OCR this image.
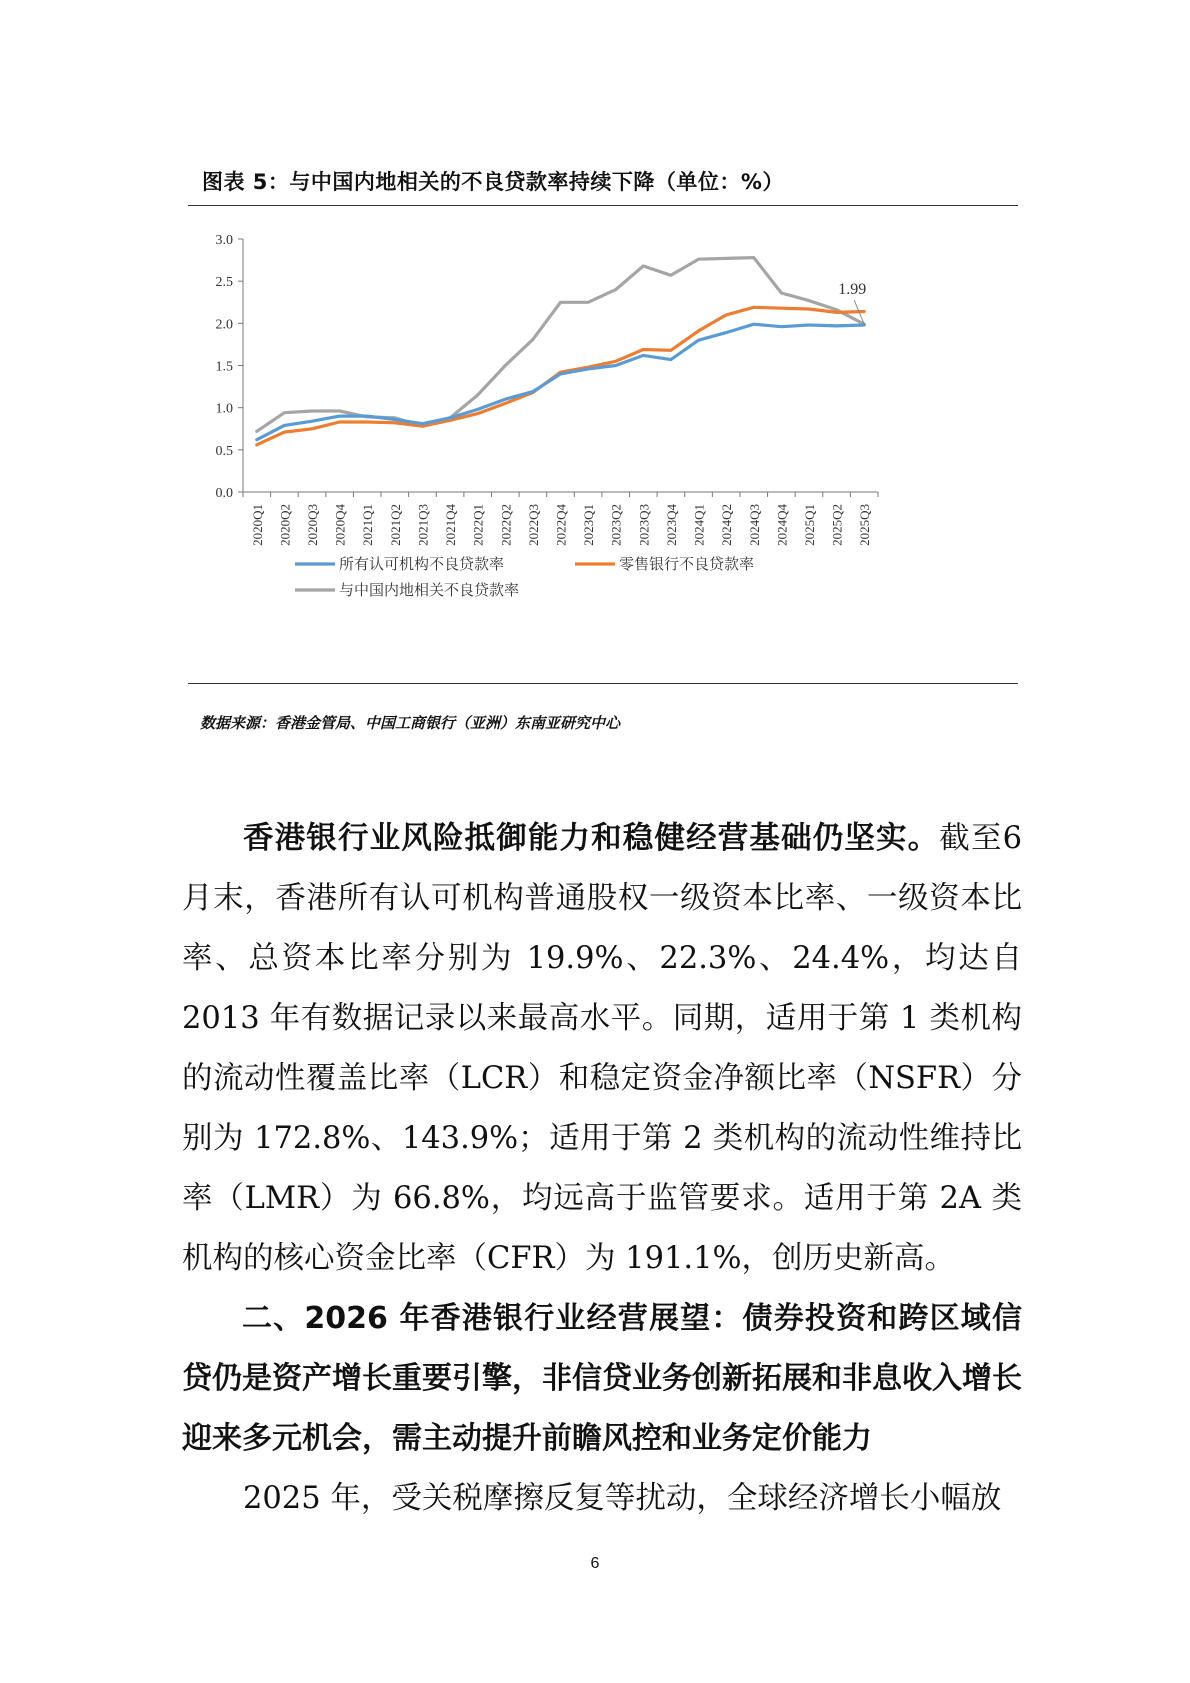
图表 5：与中国内地相关的不良贷款率持续下降（单位：%）
0.0
0.5
1.0
1.5
2.0
2.5
3.0
2020Q1 2020Q2 2020Q3 2020Q4 2021Q1 2021Q2 2021Q3 2021Q4 2022Q1 2022Q2 2022Q3 2022Q4 2023Q1 2023Q2 2023Q3 2023Q4 2024Q1 2024Q2 2024Q3 2024Q4 2025Q1 2025Q2 2025Q3
1.99
所有认可机构不良贷款率	零售银行不良贷款率
与中国内地相关不良贷款率
数据来源：香港金管局、中国工商银行（亚洲）东南亚研究中心

香港银行业风险抵御能力和稳健经营基础仍坚实。截至6月末，香港所有认可机构普通股权一级资本比率、一级资本比率、总资本比率分别为 19.9%、22.3%、24.4%，均达自 2013 年有数据记录以来最高水平。同期，适用于第 1 类机构的流动性覆盖比率（LCR）和稳定资金净额比率（NSFR）分别为 172.8%、143.9%；适用于第 2 类机构的流动性维持比率（LMR）为 66.8%，均远高于监管要求。适用于第 2A 类机构的核心资金比率（CFR）为 191.1%，创历史新高。

二、2026 年香港银行业经营展望：债券投资和跨区域信贷仍是资产增长重要引擎，非信贷业务创新拓展和非息收入增长迎来多元机会，需主动提升前瞻风控和业务定价能力

2025 年，受关税摩擦反复等扰动，全球经济增长小幅放

6
